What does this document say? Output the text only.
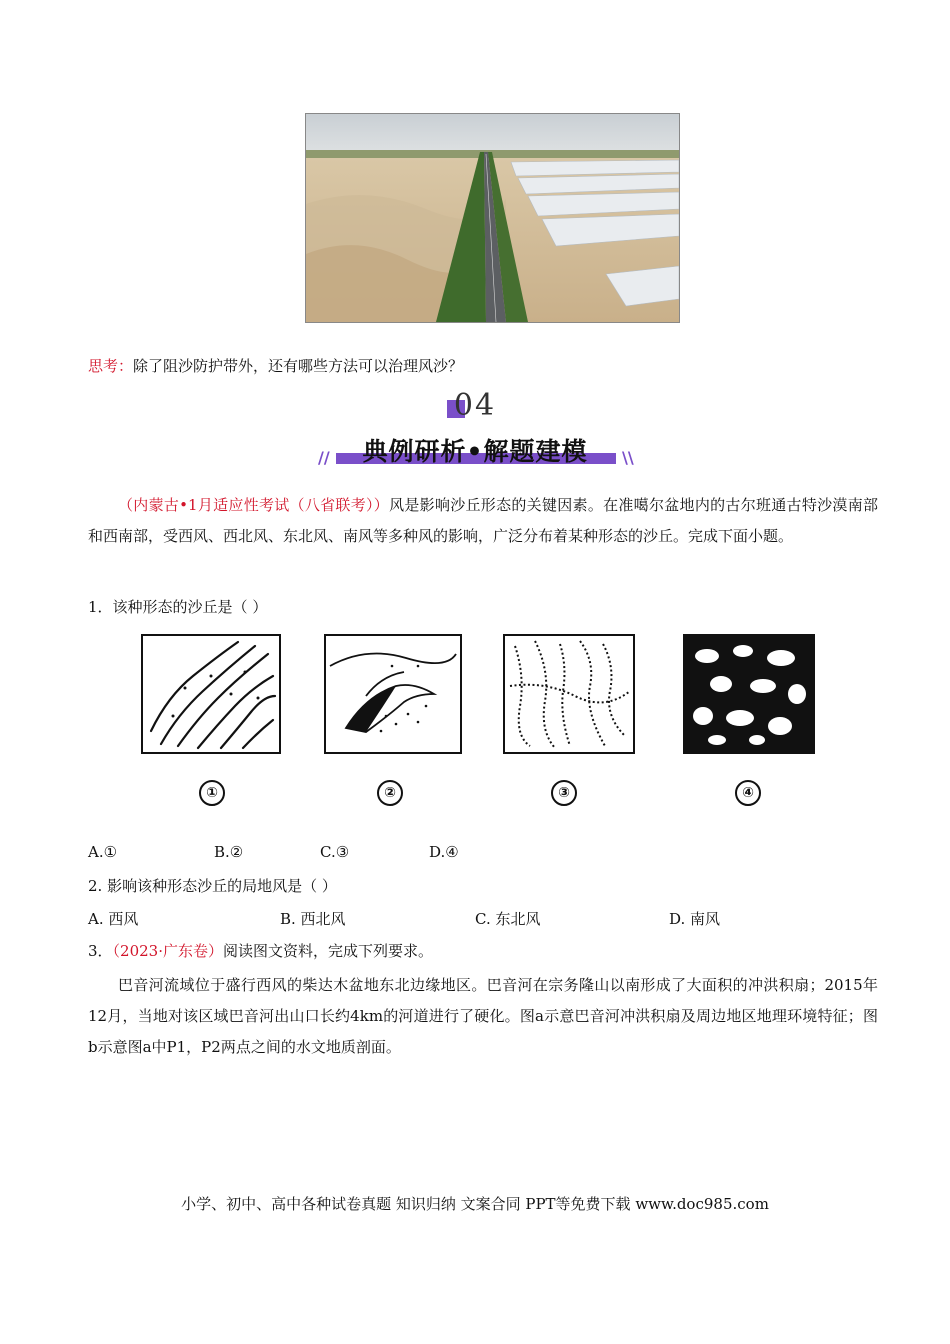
思考：除了阻沙防护带外，还有哪些方法可以治理风沙？
04
典例研析•解题建模
//	\\
（内蒙古•1月适应性考试（八省联考））风是影响沙丘形态的关键因素。在准噶尔盆地内的古尔班通古特沙漠南部和西南部，受西风、西北风、东北风、南风等多种风的影响，广泛分布着某种形态的沙丘。完成下面小题。
1．该种形态的沙丘是（ ）
①	②	③	④
A.①	B.②	C.③	D.④
2. 影响该种形态沙丘的局地风是（ ）
A. 西风	B. 西北风	C. 东北风	D. 南风
3．（2023·广东卷）阅读图文资料，完成下列要求。
巴音河流域位于盛行西风的柴达木盆地东北边缘地区。巴音河在宗务隆山以南形成了大面积的冲洪积扇；2015年12月，当地对该区域巴音河出山口长约4km的河道进行了硬化。图a示意巴音河冲洪积扇及周边地区地理环境特征；图b示意图a中P1，P2两点之间的水文地质剖面。
小学、初中、高中各种试卷真题 知识归纳 文案合同 PPT等免费下载 www.doc985.com
